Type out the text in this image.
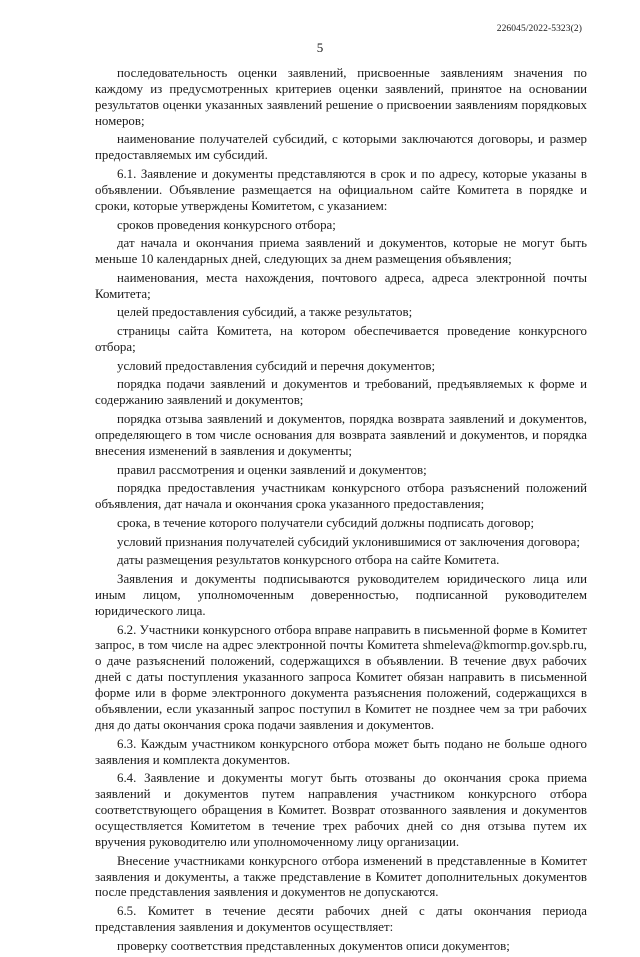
226045/2022-5323(2)
5

последовательность оценки заявлений, присвоенные заявлениям значения по каждому из предусмотренных критериев оценки заявлений, принятое на основании результатов оценки указанных заявлений решение о присвоении заявлениям порядковых номеров;

наименование получателей субсидий, с которыми заключаются договоры, и размер предоставляемых им субсидий.

6.1. Заявление и документы представляются в срок и по адресу, которые указаны в объявлении. Объявление размещается на официальном сайте Комитета в порядке и сроки, которые утверждены Комитетом, с указанием:

сроков проведения конкурсного отбора;

дат начала и окончания приема заявлений и документов, которые не могут быть меньше 10 календарных дней, следующих за днем размещения объявления;

наименования, места нахождения, почтового адреса, адреса электронной почты Комитета;

целей предоставления субсидий, а также результатов;

страницы сайта Комитета, на котором обеспечивается проведение конкурсного отбора;

условий предоставления субсидий и перечня документов;

порядка подачи заявлений и документов и требований, предъявляемых к форме и содержанию заявлений и документов;

порядка отзыва заявлений и документов, порядка возврата заявлений и документов, определяющего в том числе основания для возврата заявлений и документов, и порядка внесения изменений в заявления и документы;

правил рассмотрения и оценки заявлений и документов;

порядка предоставления участникам конкурсного отбора разъяснений положений объявления, дат начала и окончания срока указанного предоставления;

срока, в течение которого получатели субсидий должны подписать договор;

условий признания получателей субсидий уклонившимися от заключения договора;

даты размещения результатов конкурсного отбора на сайте Комитета.

Заявления и документы подписываются руководителем юридического лица или иным лицом, уполномоченным доверенностью, подписанной руководителем юридического лица.

6.2. Участники конкурсного отбора вправе направить в письменной форме в Комитет запрос, в том числе на адрес электронной почты Комитета shmeleva@kmormp.gov.spb.ru, о даче разъяснений положений, содержащихся в объявлении. В течение двух рабочих дней с даты поступления указанного запроса Комитет обязан направить в письменной форме или в форме электронного документа разъяснения положений, содержащихся в объявлении, если указанный запрос поступил в Комитет не позднее чем за три рабочих дня до даты окончания срока подачи заявления и документов.

6.3. Каждым участником конкурсного отбора может быть подано не больше одного заявления и комплекта документов.

6.4. Заявление и документы могут быть отозваны до окончания срока приема заявлений и документов путем направления участником конкурсного отбора соответствующего обращения в Комитет. Возврат отозванного заявления и документов осуществляется Комитетом в течение трех рабочих дней со дня отзыва путем их вручения руководителю или уполномоченному лицу организации.

Внесение участниками конкурсного отбора изменений в представленные в Комитет заявления и документы, а также представление в Комитет дополнительных документов после представления заявления и документов не допускаются.

6.5. Комитет в течение десяти рабочих дней с даты окончания периода представления заявления и документов осуществляет:

проверку соответствия представленных документов описи документов;
